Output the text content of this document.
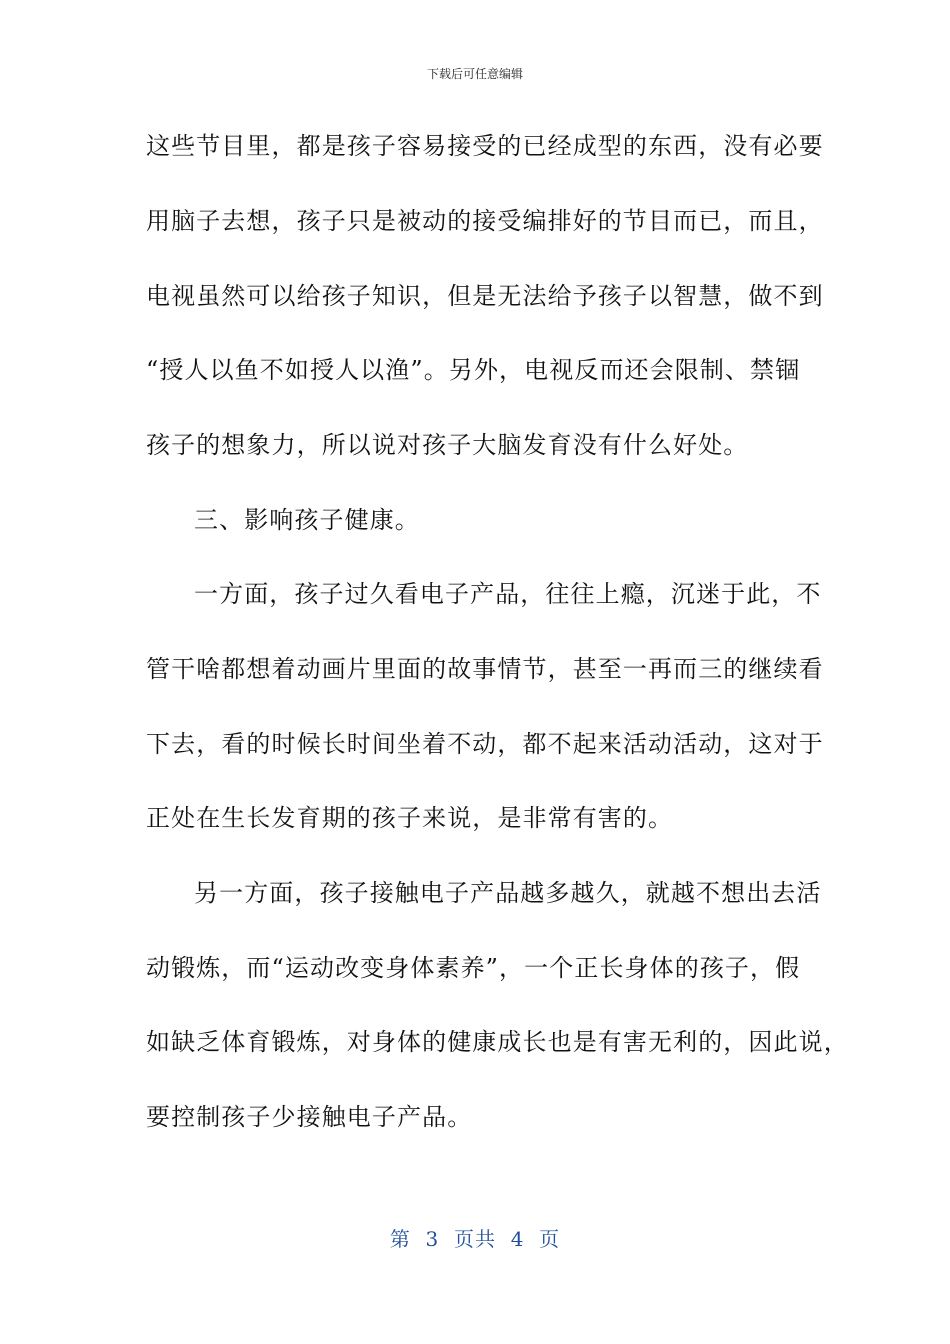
下载后可任意编辑
这些节目里，都是孩子容易接受的已经成型的东西，没有必要
用脑子去想，孩子只是被动的接受编排好的节目而已，而且，
电视虽然可以给孩子知识，但是无法给予孩子以智慧，做不到
“授人以鱼不如授人以渔”。另外，电视反而还会限制、禁锢
孩子的想象力，所以说对孩子大脑发育没有什么好处。
三、影响孩子健康。
一方面，孩子过久看电子产品，往往上瘾，沉迷于此，不
管干啥都想着动画片里面的故事情节，甚至一再而三的继续看
下去，看的时候长时间坐着不动，都不起来活动活动，这对于
正处在生长发育期的孩子来说，是非常有害的。
另一方面，孩子接触电子产品越多越久，就越不想出去活
动锻炼，而“运动改变身体素养”，一个正长身体的孩子，假
如缺乏体育锻炼，对身体的健康成长也是有害无利的，因此说，
要控制孩子少接触电子产品。
第  3  页共  4  页
